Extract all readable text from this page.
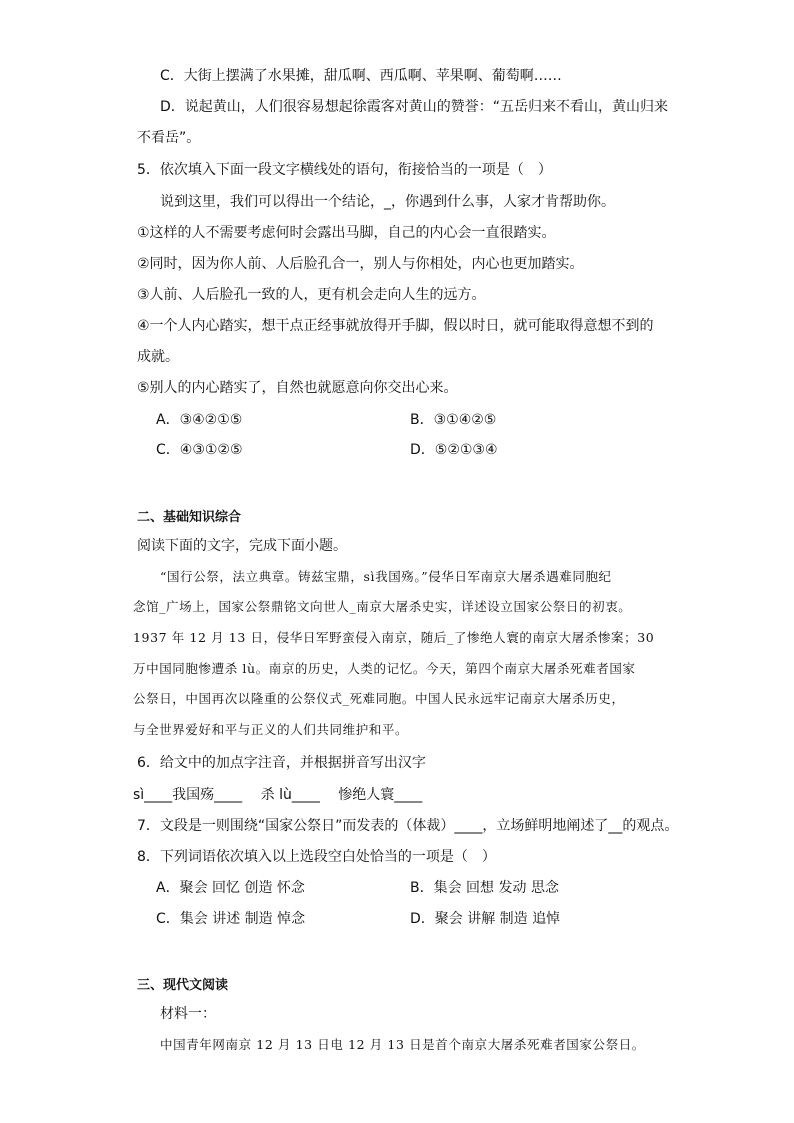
C．大街上摆满了水果摊，甜瓜啊、西瓜啊、苹果啊、葡萄啊……
D．说起黄山，人们很容易想起徐霞客对黄山的赞誉：“五岳归来不看山，黄山归来
不看岳”。
5．依次填入下面一段文字横线处的语句，衔接恰当的一项是（　）
说到这里，我们可以得出一个结论，_，你遇到什么事，人家才肯帮助你。
①这样的人不需要考虑何时会露出马脚，自己的内心会一直很踏实。
②同时，因为你人前、人后脸孔合一，别人与你相处，内心也更加踏实。
③人前、人后脸孔一致的人，更有机会走向人生的远方。
④一个人内心踏实，想干点正经事就放得开手脚，假以时日，就可能取得意想不到的
成就。
⑤别人的内心踏实了，自然也就愿意向你交出心来。
A．③④②①⑤	B．③①④②⑤
C．④③①②⑤	D．⑤②①③④
二、基础知识综合
阅读下面的文字，完成下面小题。
“国行公祭，法立典章。铸兹宝鼎，sì我国殇。”侵华日军南京大屠杀遇难同胞纪
念馆_广场上，国家公祭鼎铭文向世人_南京大屠杀史实，详述设立国家公祭日的初衷。
1937 年 12 月 13 日，侵华日军野蛮侵入南京，随后_了惨绝人寰的南京大屠杀惨案；30
万中国同胞惨遭杀 lù。南京的历史，人类的记忆。今天，第四个南京大屠杀死难者国家
公祭日，中国再次以隆重的公祭仪式_死难同胞。中国人民永远牢记南京大屠杀历史，
与全世界爱好和平与正义的人们共同维护和平。
6．给文中的加点字注音，并根据拼音写出汉字
sì____我国殇____　 杀 lù____　 惨绝人寰____
7．文段是一则围绕“国家公祭日”而发表的（体裁）____，立场鲜明地阐述了__的观点。
8．下列词语依次填入以上选段空白处恰当的一项是（　）
A．聚会 回忆 创造 怀念	B．集会 回想 发动 思念
C．集会 讲述 制造 悼念	D．聚会 讲解 制造 追悼
三、现代文阅读
材料一：
中国青年网南京 12 月 13 日电 12 月 13 日是首个南京大屠杀死难者国家公祭日。
